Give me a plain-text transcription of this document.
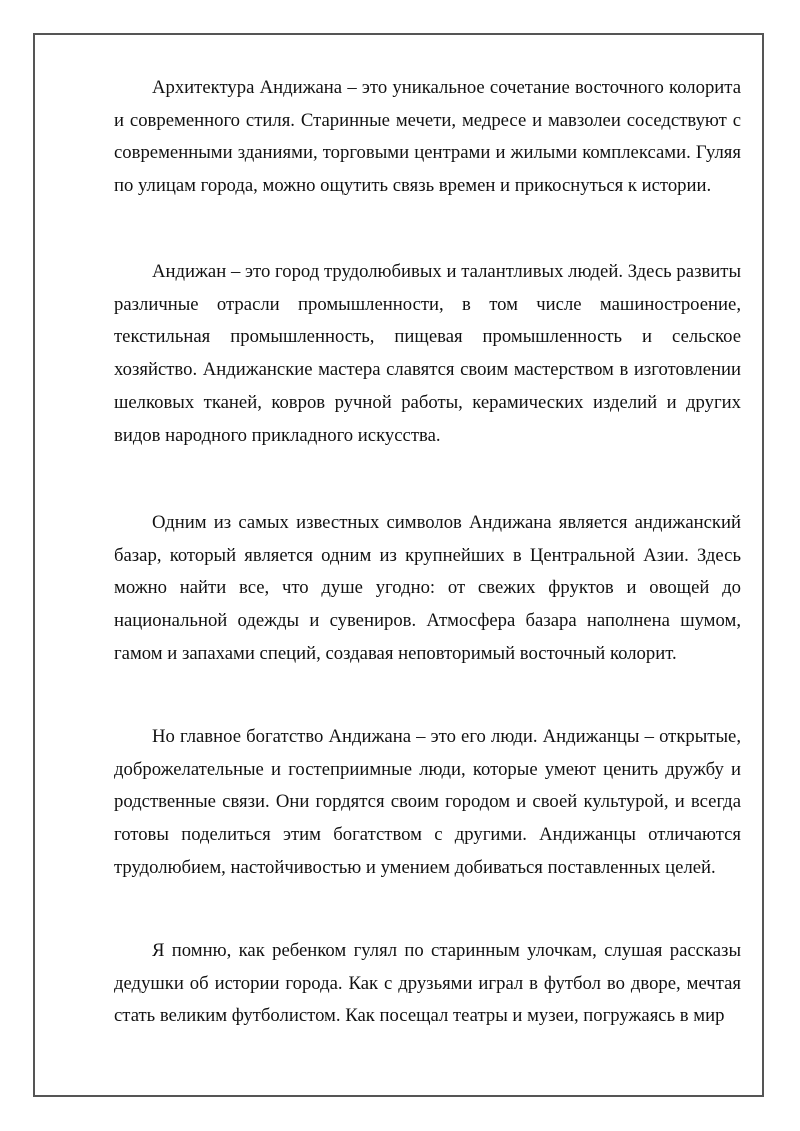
Архитектура Андижана – это уникальное сочетание восточного колорита и современного стиля. Старинные мечети, медресе и мавзолеи соседствуют с современными зданиями, торговыми центрами и жилыми комплексами. Гуляя по улицам города, можно ощутить связь времен и прикоснуться к истории.

Андижан – это город трудолюбивых и талантливых людей. Здесь развиты различные отрасли промышленности, в том числе машиностроение, текстильная промышленность, пищевая промышленность и сельское хозяйство. Андижанские мастера славятся своим мастерством в изготовлении шелковых тканей, ковров ручной работы, керамических изделий и других видов народного прикладного искусства.

Одним из самых известных символов Андижана является андижанский базар, который является одним из крупнейших в Центральной Азии. Здесь можно найти все, что душе угодно: от свежих фруктов и овощей до национальной одежды и сувениров. Атмосфера базара наполнена шумом, гамом и запахами специй, создавая неповторимый восточный колорит.

Но главное богатство Андижана – это его люди. Андижанцы – открытые, доброжелательные и гостеприимные люди, которые умеют ценить дружбу и родственные связи. Они гордятся своим городом и своей культурой, и всегда готовы поделиться этим богатством с другими. Андижанцы отличаются трудолюбием, настойчивостью и умением добиваться поставленных целей.

Я помню, как ребенком гулял по старинным улочкам, слушая рассказы дедушки об истории города. Как с друзьями играл в футбол во дворе, мечтая стать великим футболистом. Как посещал театры и музеи, погружаясь в мир
